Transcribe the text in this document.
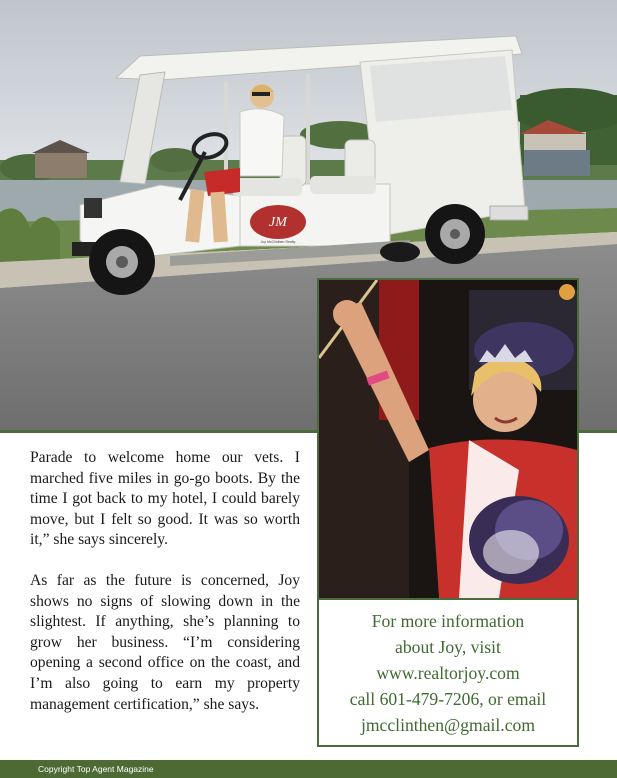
JM
Joy McClinthen Realty

Parade to welcome home our vets. I marched five miles in go-go boots. By the time I got back to my hotel, I could barely move, but I felt so good. It was so worth it,” she says sincerely.

As far as the future is concerned, Joy shows no signs of slowing down in the slightest. If anything, she’s planning to grow her business. “I’m considering opening a second office on the coast, and I’m also going to earn my property management certification,” she says.

For more information
about Joy, visit
www.realtorjoy.com
call 601-479-7206, or email
jmcclinthen@gmail.com
Copyright Top Agent Magazine
